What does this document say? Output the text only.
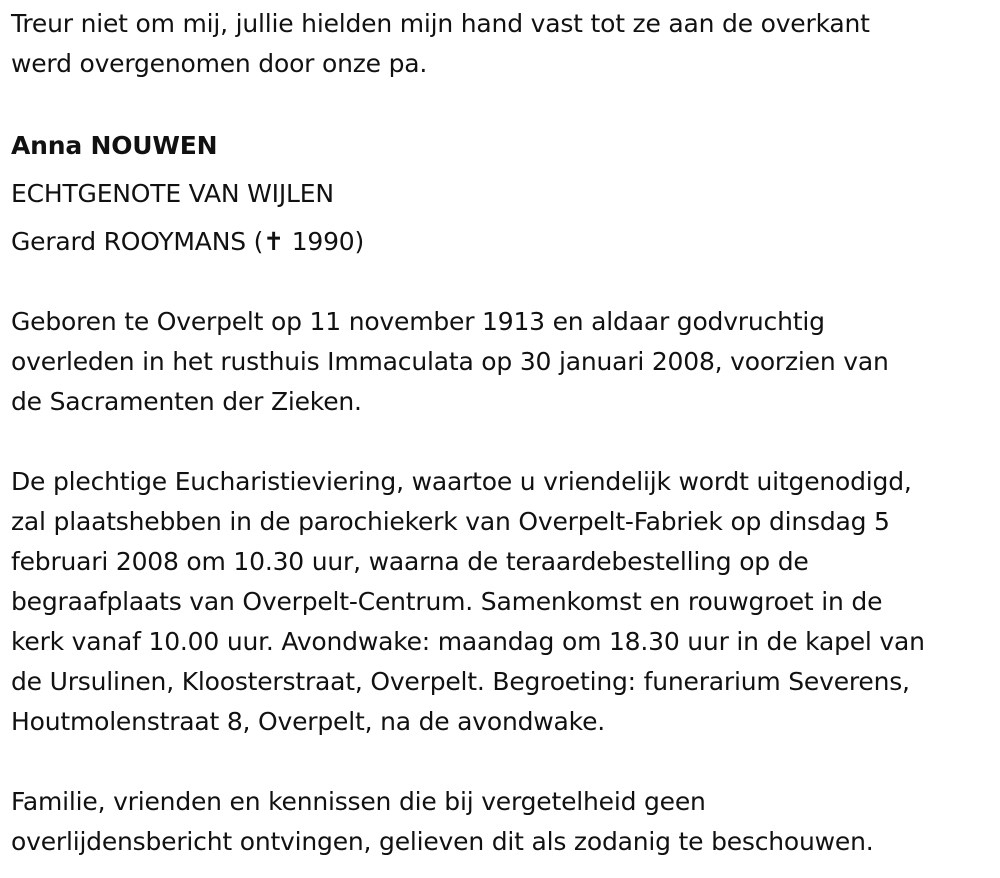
Treur niet om mij, jullie hielden mijn hand vast tot ze aan de overkant
werd overgenomen door onze pa.
Anna NOUWEN
ECHTGENOTE VAN WIJLEN
Gerard ROOYMANS (✝ 1990)
Geboren te Overpelt op 11 november 1913 en aldaar godvruchtig
overleden in het rusthuis Immaculata op 30 januari 2008, voorzien van
de Sacramenten der Zieken.
De plechtige Eucharistieviering, waartoe u vriendelijk wordt uitgenodigd,
zal plaatshebben in de parochiekerk van Overpelt-Fabriek op dinsdag 5
februari 2008 om 10.30 uur, waarna de teraardebestelling op de
begraafplaats van Overpelt-Centrum. Samenkomst en rouwgroet in de
kerk vanaf 10.00 uur. Avondwake: maandag om 18.30 uur in de kapel van
de Ursulinen, Kloosterstraat, Overpelt. Begroeting: funerarium Severens,
Houtmolenstraat 8, Overpelt, na de avondwake.
Familie, vrienden en kennissen die bij vergetelheid geen
overlijdensbericht ontvingen, gelieven dit als zodanig te beschouwen.
